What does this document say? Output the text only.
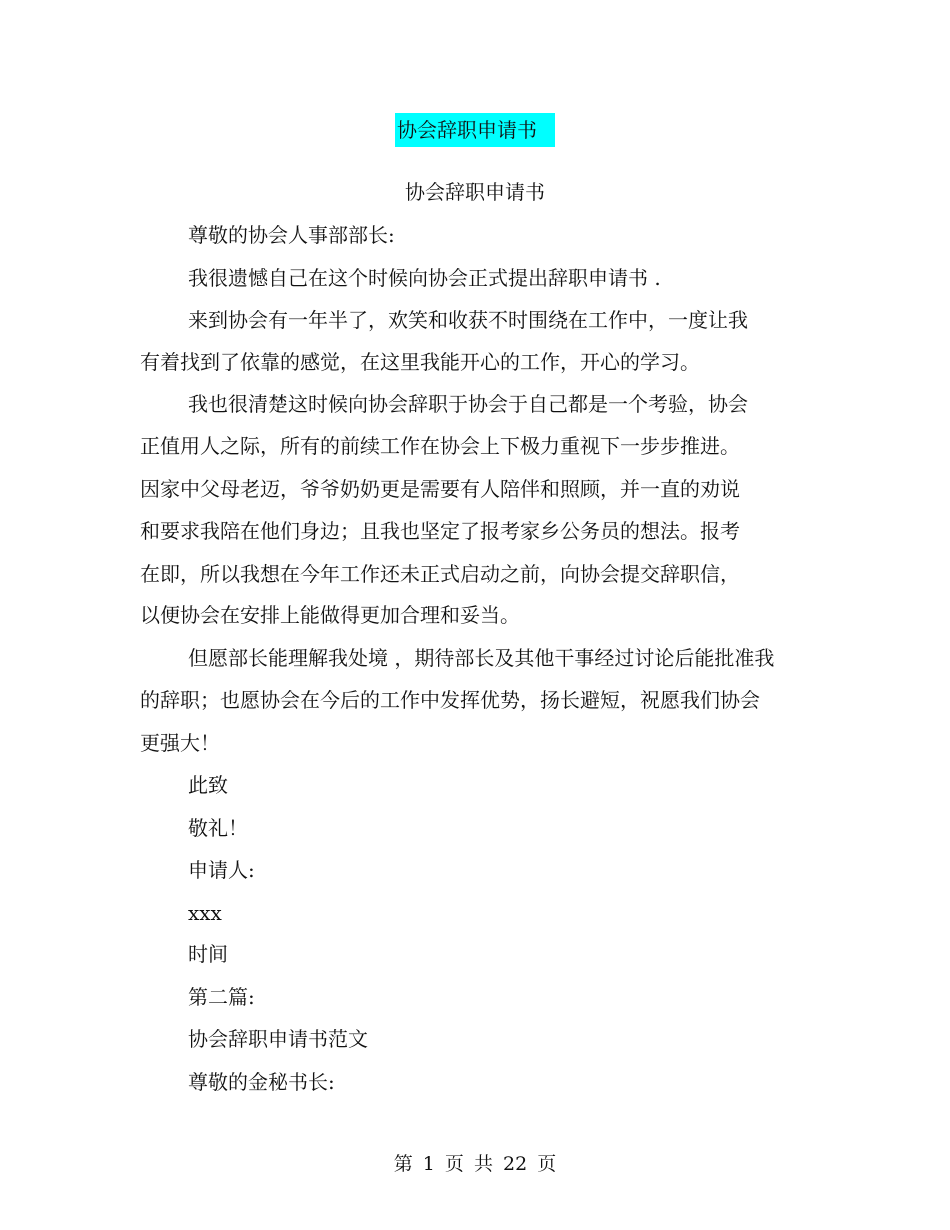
协会辞职申请书
协会辞职申请书
尊敬的协会人事部部长:
我很遗憾自己在这个时候向协会正式提出辞职申请书 .
来到协会有一年半了，欢笑和收获不时围绕在工作中，一度让我
有着找到了依靠的感觉，在这里我能开心的工作，开心的学习。
我也很清楚这时候向协会辞职于协会于自己都是一个考验，协会
正值用人之际，所有的前续工作在协会上下极力重视下一步步推进。
因家中父母老迈，爷爷奶奶更是需要有人陪伴和照顾，并一直的劝说
和要求我陪在他们身边；且我也坚定了报考家乡公务员的想法。报考
在即，所以我想在今年工作还未正式启动之前，向协会提交辞职信，
以便协会在安排上能做得更加合理和妥当。
但愿部长能理解我处境 ，期待部长及其他干事经过讨论后能批准我
的辞职；也愿协会在今后的工作中发挥优势，扬长避短，祝愿我们协会
更强大！
此致
敬礼！
申请人:
xxx
时间
第二篇:
协会辞职申请书范文
尊敬的金秘书长:
第 1 页 共 22 页
